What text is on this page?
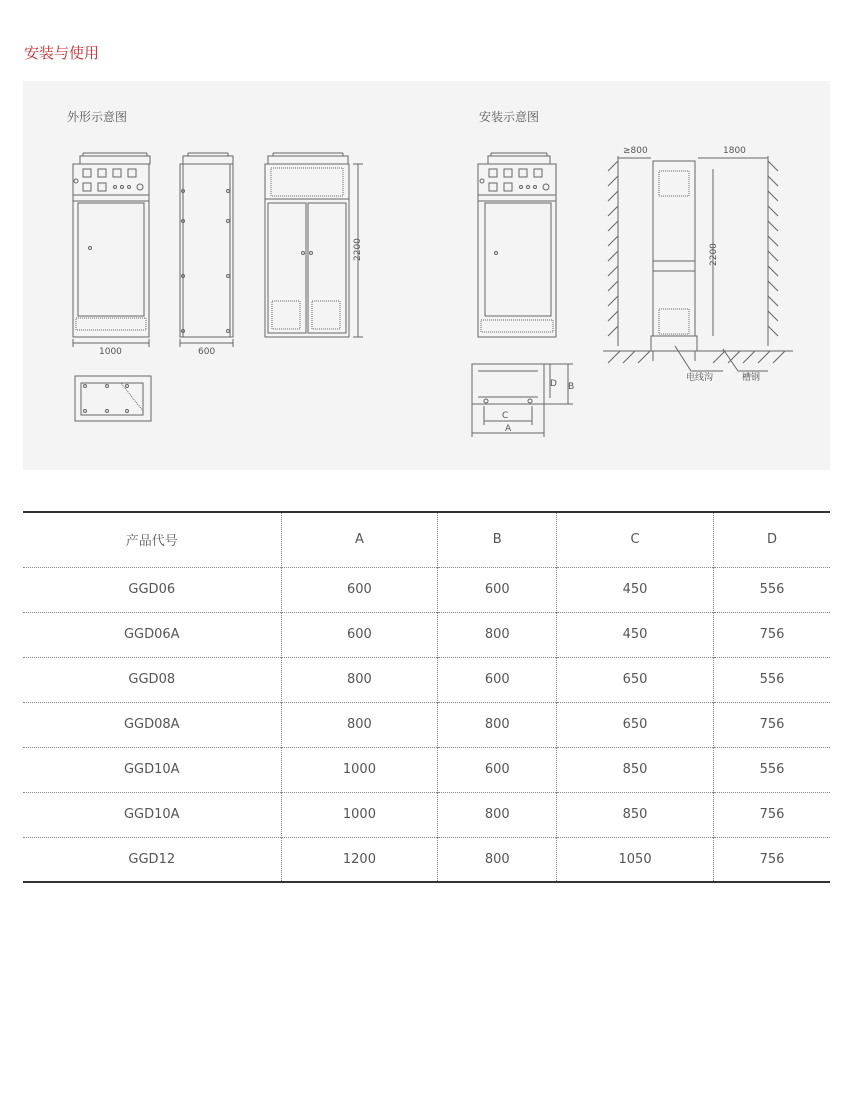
安装与使用
外形示意图	安装示意图
1000	600
2200
≥800	1800
2200
电线沟	槽钢
A
B
C
D
产品代号	A	B	C	D
GGD06	600	600	450	556
GGD06A	600	800	450	756
GGD08	800	600	650	556
GGD08A	800	800	650	756
GGD10A	1000	600	850	556
GGD10A	1000	800	850	756
GGD12	1200	800	1050	756
